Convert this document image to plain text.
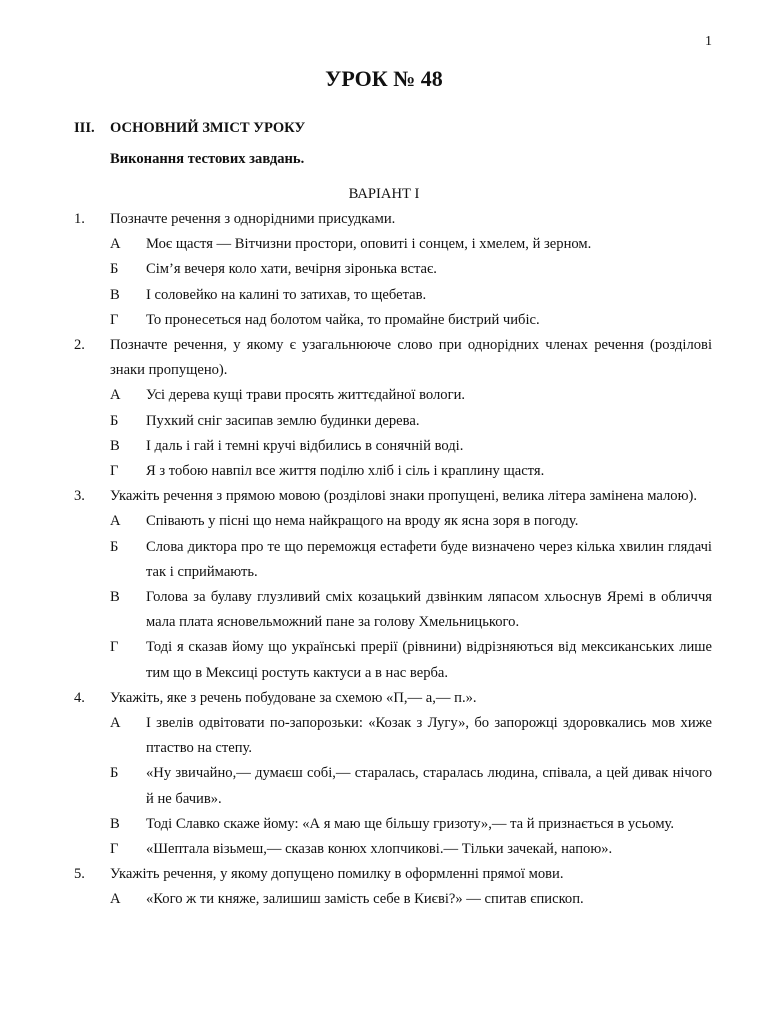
1
УРОК № 48
III. ОСНОВНИЙ ЗМІСТ УРОКУ
Виконання тестових завдань.
ВАРІАНТ І
1. Позначте речення з однорідними присудками.
А Моє щастя — Вітчизни простори, оповиті і сонцем, і хмелем, й зерном.
Б Сім’я вечеря коло хати, вечірня зіронька встає.
В І соловейко на калині то затихав, то щебетав.
Г То пронесеться над болотом чайка, то промайне бистрий чибіс.
2. Позначте речення, у якому є узагальнююче слово при однорідних членах речення (розділові знаки пропущено).
А Усі дерева кущі трави просять життєдайної вологи.
Б Пухкий сніг засипав землю будинки дерева.
В І даль і гай і темні кручі відбились в сонячній воді.
Г Я з тобою навпіл все життя поділю хліб і сіль і краплину щастя.
3. Укажіть речення з прямою мовою (розділові знаки пропущені, велика літера замінена малою).
А Співають у пісні що нема найкращого на вроду як ясна зоря в погоду.
Б Слова диктора про те що переможця естафети буде визначено через кілька хвилин глядачі так і сприймають.
В Голова за булаву глузливий сміх козацький дзвінким ляпасом хльоснув Яремі в обличчя мала плата ясновельможний пане за голову Хмельницького.
Г Тоді я сказав йому що українські прерії (рівнини) відрізняються від мексиканських лише тим що в Мексиці ростуть кактуси а в нас верба.
4. Укажіть, яке з речень побудоване за схемою «П,— а,— п.».
А І звелів одвітовати по-запорозьки: «Козак з Лугу», бо запорожці здоровкались мов хиже птаство на степу.
Б «Ну звичайно,— думаєш собі,— старалась, старалась людина, співала, а цей дивак нічого й не бачив».
В Тоді Славко скаже йому: «А я маю ще більшу гризоту»,— та й признається в усьому.
Г «Шептала візьмеш,— сказав конюх хлопчикові.— Тільки зачекай, напою».
5. Укажіть речення, у якому допущено помилку в оформленні прямої мови.
А «Кого ж ти княже, залишиш замість себе в Києві?» — спитав єпископ.
